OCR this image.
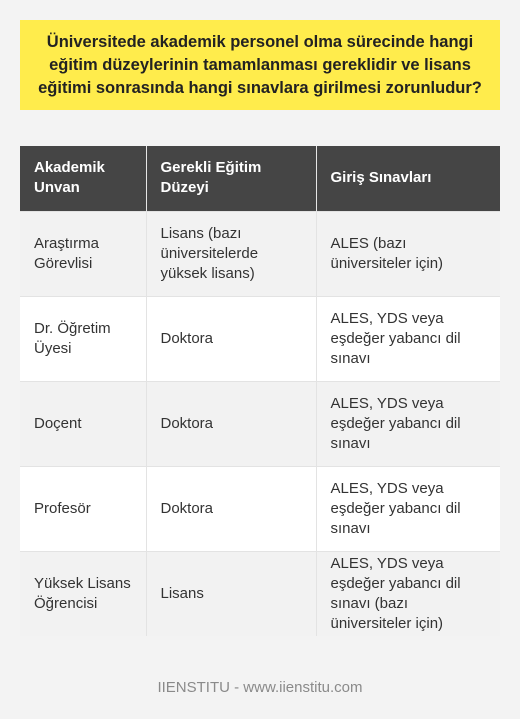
Üniversitede akademik personel olma sürecinde hangi eğitim düzeylerinin tamamlanması gereklidir ve lisans eğitimi sonrasında hangi sınavlara girilmesi zorunludur?

Akademik Unvan	Gerekli Eğitim Düzeyi	Giriş Sınavları
Araştırma Görevlisi	Lisans (bazı üniversitelerde yüksek lisans)	ALES (bazı üniversiteler için)
Dr. Öğretim Üyesi	Doktora	ALES, YDS veya eşdeğer yabancı dil sınavı
Doçent	Doktora	ALES, YDS veya eşdeğer yabancı dil sınavı
Profesör	Doktora	ALES, YDS veya eşdeğer yabancı dil sınavı
Yüksek Lisans Öğrencisi	Lisans	ALES, YDS veya eşdeğer yabancı dil sınavı (bazı üniversiteler için)
IIENSTITU - www.iienstitu.com
